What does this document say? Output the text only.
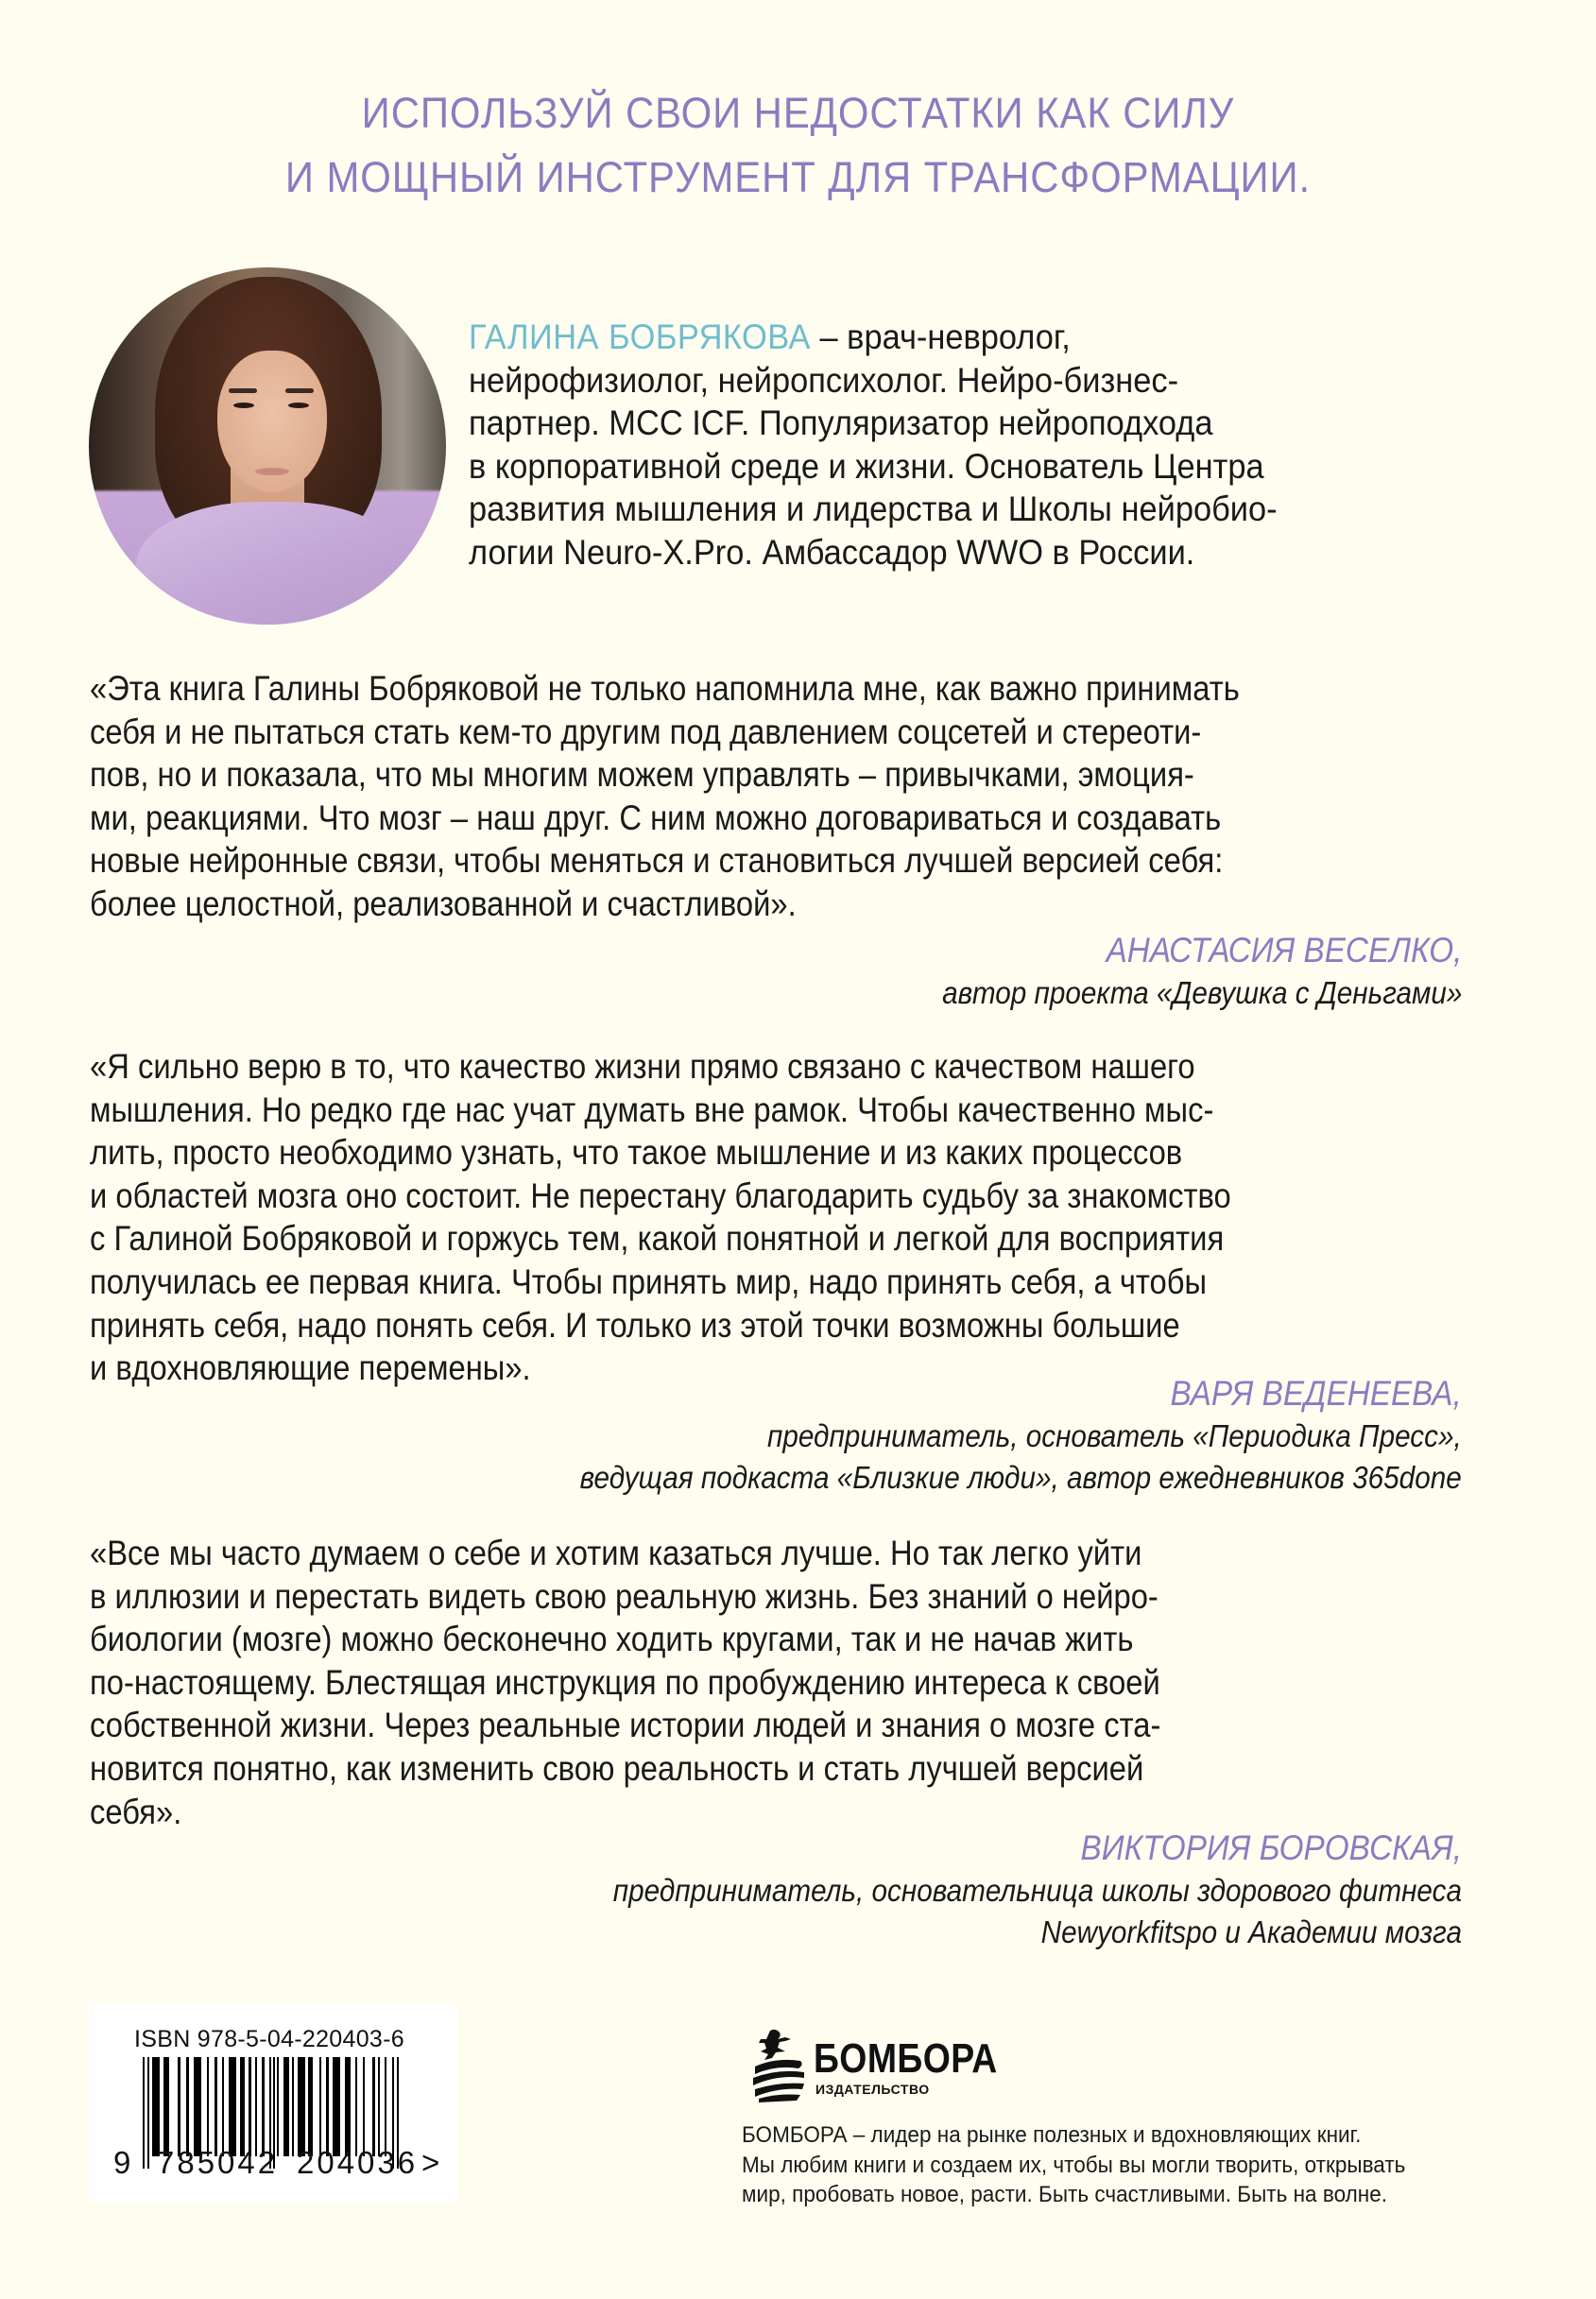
ИСПОЛЬЗУЙ СВОИ НЕДОСТАТКИ КАК СИЛУ
И МОЩНЫЙ ИНСТРУМЕНТ ДЛЯ ТРАНСФОРМАЦИИ.
ГАЛИНА БОБРЯКОВА – врач-невролог,
нейрофизиолог, нейропсихолог. Нейро-бизнес-
партнер. MCC ICF. Популяризатор нейроподхода
в корпоративной среде и жизни. Основатель Центра
развития мышления и лидерства и Школы нейробио-
логии Neuro-X.Pro. Амбассадор WWO в России.
«Эта книга Галины Бобряковой не только напомнила мне, как важно принимать
себя и не пытаться стать кем-то другим под давлением соцсетей и стереоти-
пов, но и показала, что мы многим можем управлять – привычками, эмоция-
ми, реакциями. Что мозг – наш друг. С ним можно договариваться и создавать
новые нейронные связи, чтобы меняться и становиться лучшей версией себя:
более целостной, реализованной и счастливой».
АНАСТАСИЯ ВЕСЕЛКО,
автор проекта «Девушка с Деньгами»
«Я сильно верю в то, что качество жизни прямо связано с качеством нашего
мышления. Но редко где нас учат думать вне рамок. Чтобы качественно мыс-
лить, просто необходимо узнать, что такое мышление и из каких процессов
и областей мозга оно состоит. Не перестану благодарить судьбу за знакомство
с Галиной Бобряковой и горжусь тем, какой понятной и легкой для восприятия
получилась ее первая книга. Чтобы принять мир, надо принять себя, а чтобы
принять себя, надо понять себя. И только из этой точки возможны большие
и вдохновляющие перемены».
ВАРЯ ВЕДЕНЕЕВА,
предприниматель, основатель «Периодика Пресс»,
ведущая подкаста «Близкие люди», автор ежедневников 365done
«Все мы часто думаем о себе и хотим казаться лучше. Но так легко уйти
в иллюзии и перестать видеть свою реальную жизнь. Без знаний о нейро-
биологии (мозге) можно бесконечно ходить кругами, так и не начав жить
по-настоящему. Блестящая инструкция по пробуждению интереса к своей
собственной жизни. Через реальные истории людей и знания о мозге ста-
новится понятно, как изменить свою реальность и стать лучшей версией
себя».
ВИКТОРИЯ БОРОВСКАЯ,
предприниматель, основательница школы здорового фитнеса
Newyorkfitspo и Академии мозга
ISBN 978-5-04-220403-6
9 785042 204036 >
БОМБОРА
ИЗДАТЕЛЬСТВО
БОМБОРА – лидер на рынке полезных и вдохновляющих книг.
Мы любим книги и создаем их, чтобы вы могли творить, открывать
мир, пробовать новое, расти. Быть счастливыми. Быть на волне.
